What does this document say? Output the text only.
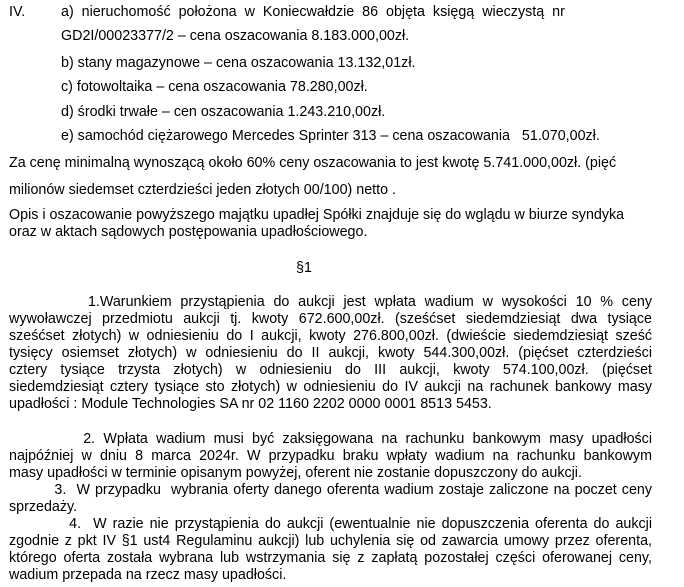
IV.	a)  nieruchomość  położona  w  Koniecwałdzie  86  objęta  księgą  wieczystą  nr
GD2I/00023377/2 – cena oszacowania 8.183.000,00zł.
b) stany magazynowe – cena oszacowania 13.132,01zł.
c) fotowoltaika – cena oszacowania 78.280,00zł.
d) środki trwałe – cen oszacowania 1.243.210,00zł.
e) samochód ciężarowego Mercedes Sprinter 313 – cena oszacowania   51.070,00zł.
Za cenę minimalną wynoszącą około 60% ceny oszacowania to jest kwotę 5.741.000,00zł. (pięć
milionów siedemset czterdzieści jeden złotych 00/100) netto .
Opis i oszacowanie powyższego majątku upadłej Spółki znajduje się do wglądu w biurze syndyka
oraz w aktach sądowych postępowania upadłościowego.
§1
1.Warunkiem przystąpienia do aukcji jest wpłata wadium w wysokości 10 % ceny
wywoławczej przedmiotu aukcji tj. kwoty 672.600,00zł. (sześćset siedemdziesiąt dwa tysiące
sześćset złotych) w odniesieniu do I aukcji, kwoty 276.800,00zł. (dwieście siedemdziesiąt sześć
tysięcy osiemset złotych) w odniesieniu do II aukcji, kwoty 544.300,00zł. (pięćset czterdzieści
cztery tysiące trzysta złotych) w odniesieniu do III aukcji, kwoty 574.100,00zł. (pięćset
siedemdziesiąt cztery tysiące sto złotych) w odniesieniu do IV aukcji na rachunek bankowy masy
upadłości : Module Technologies SA nr 02 1160 2202 0000 0001 8513 5453.
2. Wpłata wadium musi być zaksięgowana na rachunku bankowym masy upadłości
najpóźniej w dniu 8 marca 2024r. W przypadku braku wpłaty wadium na rachunku bankowym
masy upadłości w terminie opisanym powyżej, oferent nie zostanie dopuszczony do aukcji.
3.  W przypadku  wybrania oferty danego oferenta wadium zostaje zaliczone na poczet ceny
sprzedaży.
4.  W razie nie przystąpienia do aukcji (ewentualnie nie dopuszczenia oferenta do aukcji
zgodnie z pkt IV §1 ust4 Regulaminu aukcji) lub uchylenia się od zawarcia umowy przez oferenta,
którego oferta została wybrana lub wstrzymania się z zapłatą pozostałej części oferowanej ceny,
wadium przepada na rzecz masy upadłości.
